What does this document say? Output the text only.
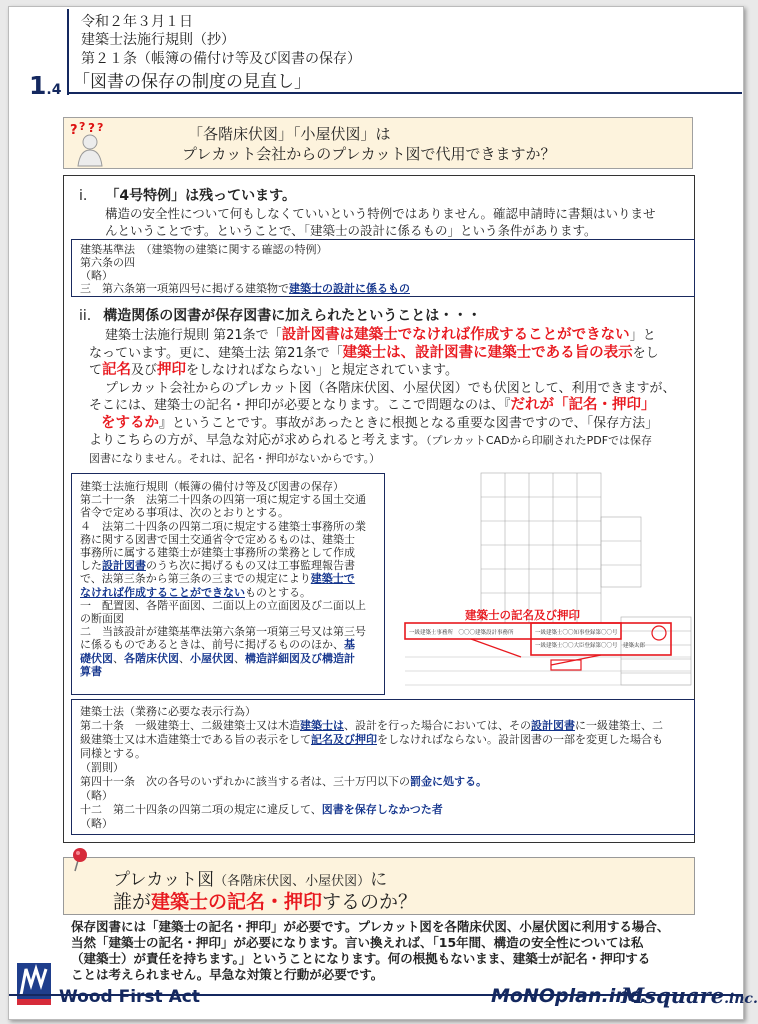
1.4
令和２年３月１日
建築士法施行規則（抄）
第２１条（帳簿の備付け等及び図書の保存）
「図書の保存の制度の見直し」
? ? ? ?	「各階床伏図」「小屋伏図」は
プレカット会社からのプレカット図で代用できますか？
i. 「4号特例」は残っています。
構造の安全性について何もしなくていいという特例ではありません。確認申請時に書類はいりませ
んということです。ということで、「建築士の設計に係るもの」という条件があります。
建築基準法　（建築物の建築に関する確認の特例）
第六条の四
（略）
三　第六条第一項第四号に掲げる建築物で建築士の設計に係るもの
ii. 構造関係の図書が保存図書に加えられたということは・・・
建築士法施行規則 第21条で「設計図書は建築士でなければ作成することができない」と
なっています。更に、建築士法 第21条で「建築士は、設計図書に建築士である旨の表示をし
て記名及び押印をしなければならない」と規定されています。
プレカット会社からのプレカット図（各階床伏図、小屋伏図）でも伏図として、利用できますが、
そこには、建築士の記名・押印が必要となります。ここで問題なのは、『だれが「記名・押印」
をするか』ということです。事故があったときに根拠となる重要な図書ですので、「保存方法」
よりこちらの方が、早急な対応が求められると考えます。（プレカットCADから印刷されたPDFでは保存
図書になりません。それは、記名・押印がないからです。）
建築士法施行規則（帳簿の備付け等及び図書の保存）
第二十一条　法第二十四条の四第一項に規定する国土交通
省令で定める事項は、次のとおりとする。
４　法第二十四条の四第二項に規定する建築士事務所の業
務に関する図書で国土交通省令で定めるものは、建築士
事務所に属する建築士が建築士事務所の業務として作成
した設計図書のうち次に掲げるもの又は工事監理報告書
で、法第三条から第三条の三までの規定により建築士で
なければ作成することができないものとする。
一　配置図、各階平面図、二面以上の立面図及び二面以上
の断面図
二　当該設計が建築基準法第六条第一項第三号又は第三号
に係るものであるときは、前号に掲げるもののほか、基
礎伏図、各階床伏図、小屋伏図、構造詳細図及び構造計
算書
建築士の記名及び押印
一級建築士事務所　〇〇〇建築設計事務所	一級建築士〇〇知事登録第〇〇号
一級建築士〇〇大臣登録第〇〇号　建築太郎
建築士法（業務に必要な表示行為）
第二十条　一級建築士、二級建築士又は木造建築士は、設計を行った場合においては、その設計図書に一級建築士、二
級建築士又は木造建築士である旨の表示をして記名及び押印をしなければならない。設計図書の一部を変更した場合も
同様とする。
（罰則）
第四十一条　次の各号のいずれかに該当する者は、三十万円以下の罰金に処する。
（略）
十二　第二十四条の四第二項の規定に違反して、図書を保存しなかつた者
（略）
プレカット図（各階床伏図、小屋伏図）に
誰が建築士の記名・押印するのか？
保存図書には「建築士の記名・押印」が必要です。プレカット図を各階床伏図、小屋伏図に利用する場合、
当然「建築士の記名・押印」が必要になります。言い換えれば、「15年間、構造の安全性については私
（建築士）が責任を持ちます。」ということになります。何の根拠もないまま、建築士が記名・押印する
ことは考えられません。早急な対策と行動が必要です。
Wood First Act	MoNOplan.inc.
Msquare.inc.
